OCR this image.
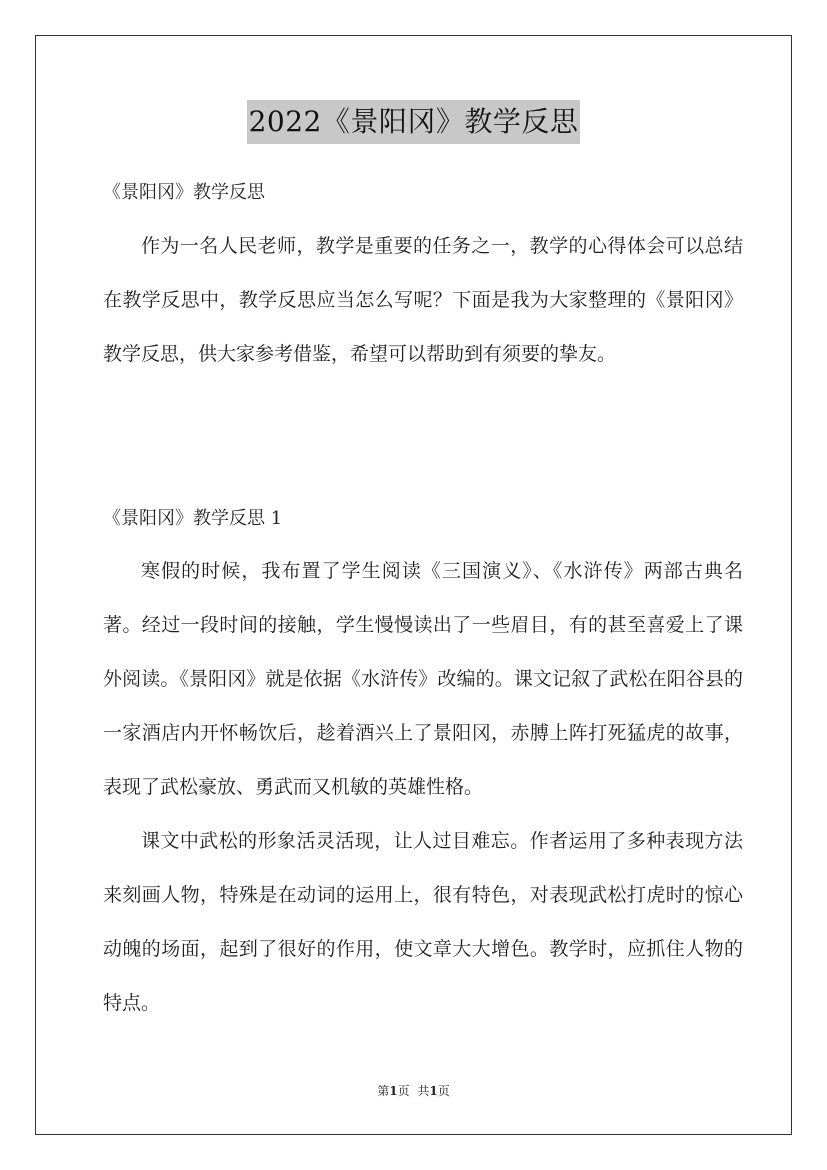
2022《景阳冈》教学反思
《景阳冈》教学反思

作为一名人民老师，教学是重要的任务之一，教学的心得体会可以总结在教学反思中，教学反思应当怎么写呢？下面是我为大家整理的《景阳冈》教学反思，供大家参考借鉴，希望可以帮助到有须要的挚友。

《景阳冈》教学反思 1

寒假的时候，我布置了学生阅读《三国演义》、《水浒传》两部古典名著。经过一段时间的接触，学生慢慢读出了一些眉目，有的甚至喜爱上了课外阅读。《景阳冈》就是依据《水浒传》改编的。课文记叙了武松在阳谷县的一家酒店内开怀畅饮后，趁着酒兴上了景阳冈，赤膊上阵打死猛虎的故事，表现了武松豪放、勇武而又机敏的英雄性格。

课文中武松的形象活灵活现，让人过目难忘。作者运用了多种表现方法来刻画人物，特殊是在动词的运用上，很有特色，对表现武松打虎时的惊心动魄的场面，起到了很好的作用，使文章大大增色。教学时，应抓住人物的特点。

第1页 共1页
